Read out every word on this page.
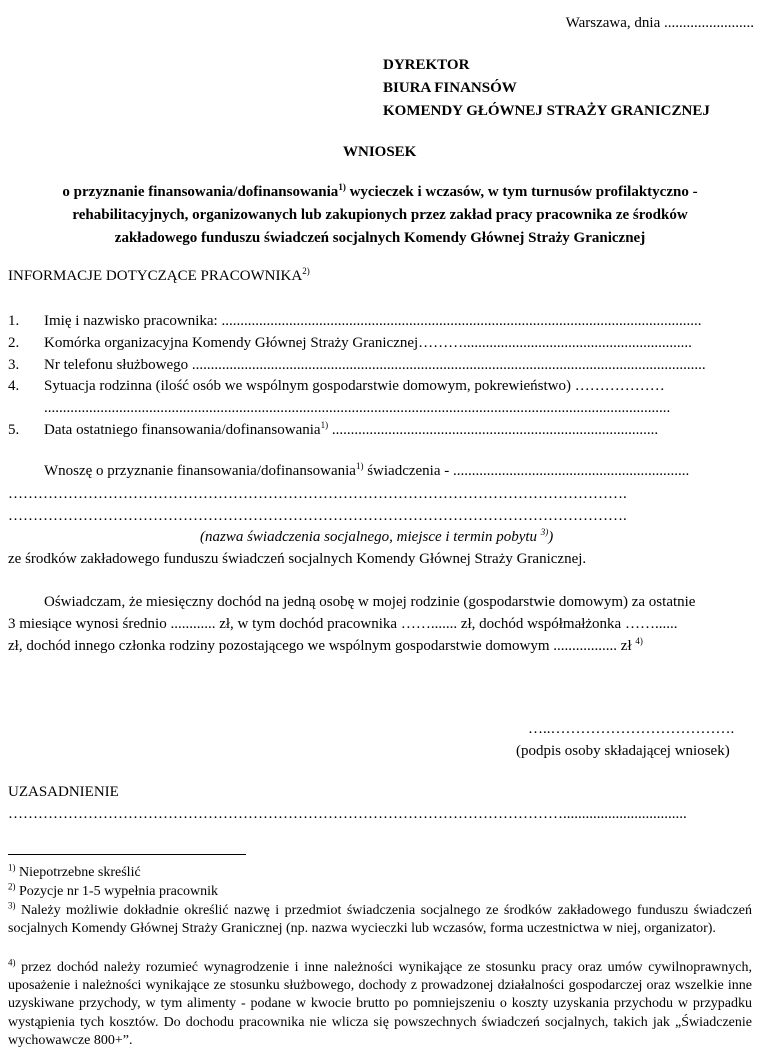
Warszawa, dnia ........................
DYREKTOR
BIURA FINANSÓW
KOMENDY GŁÓWNEJ STRAŻY GRANICZNEJ
WNIOSEK
o przyznanie finansowania/dofinansowania$^{1)}$ wycieczek i wczasów, w tym turnusów profilaktyczno -
rehabilitacyjnych, organizowanych lub zakupionych przez zakład pracy pracownika ze środków
zakładowego funduszu świadczeń socjalnych Komendy Głównej Straży Granicznej
INFORMACJE DOTYCZĄCE PRACOWNIKA$^{2)}$
1. Imię i nazwisko pracownika: ................................................................................................................................
2. Komórka organizacyjna Komendy Głównej Straży Granicznej……….............................................................
3. Nr telefonu służbowego .........................................................................................................................................
4. Sytuacja rodzinna (ilość osób we wspólnym gospodarstwie domowym, pokrewieństwo) ………………
.......................................................................................................................................................................
5. Data ostatniego finansowania/dofinansowania$^{1)}$ .......................................................................................
Wnoszę o przyznanie finansowania/dofinansowania$^{1)}$ świadczenia - ...............................................................
…………………………………………………………………………………………………………….
…………………………………………………………………………………………………………….
(nazwa świadczenia socjalnego, miejsce i termin pobytu $^{3)}$)
ze środków zakładowego funduszu świadczeń socjalnych Komendy Głównej Straży Granicznej.
Oświadczam, że miesięczny dochód na jedną osobę w mojej rodzinie (gospodarstwie domowym) za ostatnie
3 miesiące wynosi średnio ............ zł, w tym dochód pracownika ……....... zł, dochód współmałżonka ……......
zł, dochód innego członka rodziny pozostającego we wspólnym gospodarstwie domowym ................. zł $^{4)}$
…..……………………………….
(podpis osoby składającej wniosek)
UZASADNIENIE
………………………………………………………………………………………………….................................
$^{1)}$ Niepotrzebne skreślić
$^{2)}$ Pozycje nr 1-5 wypełnia pracownik
$^{3)}$ Należy możliwie dokładnie określić nazwę i przedmiot świadczenia socjalnego ze środków zakładowego funduszu świadczeń socjalnych Komendy Głównej Straży Granicznej (np. nazwa wycieczki lub wczasów, forma uczestnictwa w niej, organizator).
$^{4)}$ przez dochód należy rozumieć wynagrodzenie i inne należności wynikające ze stosunku pracy oraz umów cywilnoprawnych, uposażenie i należności wynikające ze stosunku służbowego, dochody z prowadzonej działalności gospodarczej oraz wszelkie inne uzyskiwane przychody, w tym alimenty - podane w kwocie brutto po pomniejszeniu o koszty uzyskania przychodu w przypadku wystąpienia tych kosztów. Do dochodu pracownika nie wlicza się powszechnych świadczeń socjalnych, takich jak „Świadczenie wychowawcze 800+”.
